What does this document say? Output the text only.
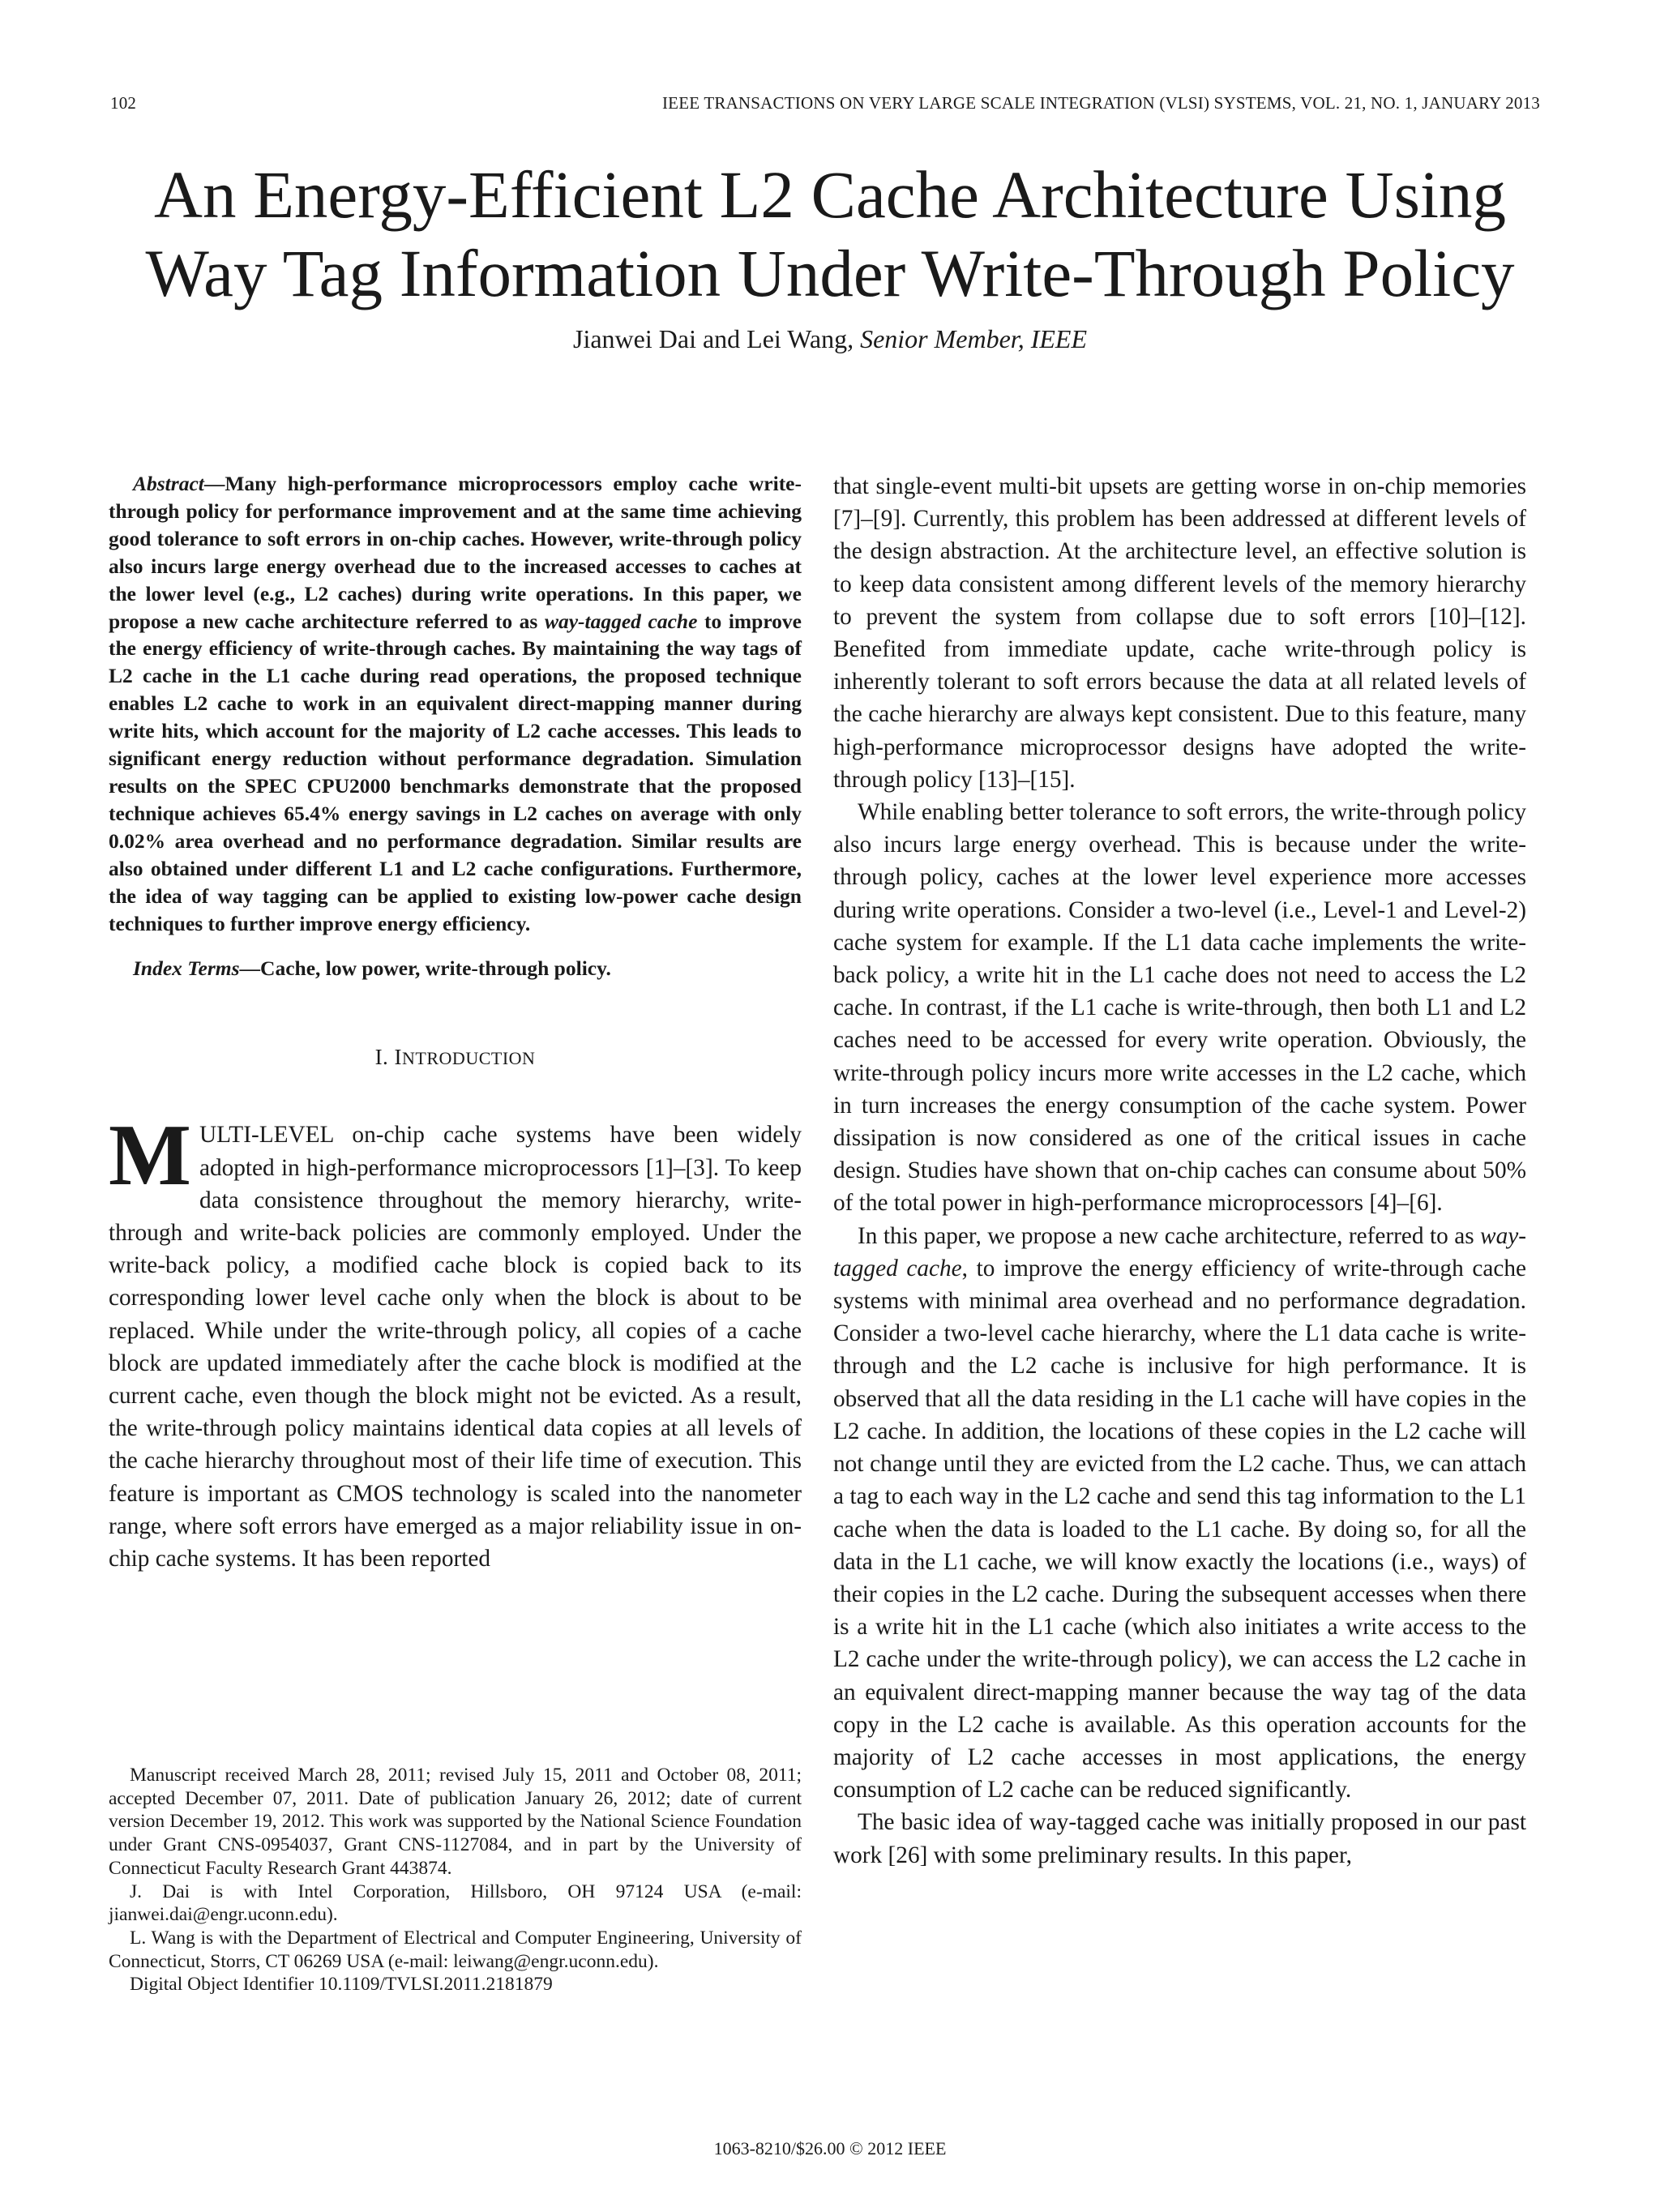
102	IEEE TRANSACTIONS ON VERY LARGE SCALE INTEGRATION (VLSI) SYSTEMS, VOL. 21, NO. 1, JANUARY 2013
An Energy-Efficient L2 Cache Architecture Using
Way Tag Information Under Write-Through Policy
Jianwei Dai and Lei Wang, Senior Member, IEEE

Abstract—Many high-performance microprocessors employ cache write-through policy for performance improvement and at the same time achieving good tolerance to soft errors in on-chip caches. However, write-through policy also incurs large energy overhead due to the increased accesses to caches at the lower level (e.g., L2 caches) during write operations. In this paper, we propose a new cache architecture referred to as way-tagged cache to improve the energy efficiency of write-through caches. By maintaining the way tags of L2 cache in the L1 cache during read operations, the proposed technique enables L2 cache to work in an equivalent direct-mapping manner during write hits, which account for the majority of L2 cache accesses. This leads to significant energy reduction without performance degradation. Simulation results on the SPEC CPU2000 benchmarks demonstrate that the proposed technique achieves 65.4% energy savings in L2 caches on average with only 0.02% area overhead and no performance degradation. Similar results are also obtained under different L1 and L2 cache configurations. Furthermore, the idea of way tagging can be applied to existing low-power cache design techniques to further improve energy efficiency.

Index Terms—Cache, low power, write-through policy.

I. INTRODUCTION

MULTI-LEVEL on-chip cache systems have been widely adopted in high-performance microprocessors [1]–[3]. To keep data consistence throughout the memory hierarchy, write-through and write-back policies are commonly employed. Under the write-back policy, a modified cache block is copied back to its corresponding lower level cache only when the block is about to be replaced. While under the write-through policy, all copies of a cache block are updated immediately after the cache block is modified at the current cache, even though the block might not be evicted. As a result, the write-through policy maintains identical data copies at all levels of the cache hierarchy throughout most of their life time of execution. This feature is important as CMOS technology is scaled into the nanometer range, where soft errors have emerged as a major reliability issue in on-chip cache systems. It has been reported

Manuscript received March 28, 2011; revised July 15, 2011 and October 08, 2011; accepted December 07, 2011. Date of publication January 26, 2012; date of current version December 19, 2012. This work was supported by the National Science Foundation under Grant CNS-0954037, Grant CNS-1127084, and in part by the University of Connecticut Faculty Research Grant 443874.

J. Dai is with Intel Corporation, Hillsboro, OH 97124 USA (e-mail: jianwei.dai@engr.uconn.edu).

L. Wang is with the Department of Electrical and Computer Engineering, University of Connecticut, Storrs, CT 06269 USA (e-mail: leiwang@engr.uconn.edu).

Digital Object Identifier 10.1109/TVLSI.2011.2181879

that single-event multi-bit upsets are getting worse in on-chip memories [7]–[9]. Currently, this problem has been addressed at different levels of the design abstraction. At the architecture level, an effective solution is to keep data consistent among different levels of the memory hierarchy to prevent the system from collapse due to soft errors [10]–[12]. Benefited from immediate update, cache write-through policy is inherently tolerant to soft errors because the data at all related levels of the cache hierarchy are always kept consistent. Due to this feature, many high-performance microprocessor designs have adopted the write-through policy [13]–[15].

While enabling better tolerance to soft errors, the write-through policy also incurs large energy overhead. This is because under the write-through policy, caches at the lower level experience more accesses during write operations. Consider a two-level (i.e., Level-1 and Level-2) cache system for example. If the L1 data cache implements the write-back policy, a write hit in the L1 cache does not need to access the L2 cache. In contrast, if the L1 cache is write-through, then both L1 and L2 caches need to be accessed for every write operation. Obviously, the write-through policy incurs more write accesses in the L2 cache, which in turn increases the energy consumption of the cache system. Power dissipation is now considered as one of the critical issues in cache design. Studies have shown that on-chip caches can consume about 50% of the total power in high-performance microprocessors [4]–[6].

In this paper, we propose a new cache architecture, referred to as way-tagged cache, to improve the energy efficiency of write-through cache systems with minimal area overhead and no performance degradation. Consider a two-level cache hierarchy, where the L1 data cache is write-through and the L2 cache is inclusive for high performance. It is observed that all the data residing in the L1 cache will have copies in the L2 cache. In addition, the locations of these copies in the L2 cache will not change until they are evicted from the L2 cache. Thus, we can attach a tag to each way in the L2 cache and send this tag information to the L1 cache when the data is loaded to the L1 cache. By doing so, for all the data in the L1 cache, we will know exactly the locations (i.e., ways) of their copies in the L2 cache. During the subsequent accesses when there is a write hit in the L1 cache (which also initiates a write access to the L2 cache under the write-through policy), we can access the L2 cache in an equivalent direct-mapping manner because the way tag of the data copy in the L2 cache is available. As this operation accounts for the majority of L2 cache accesses in most applications, the energy consumption of L2 cache can be reduced significantly.

The basic idea of way-tagged cache was initially proposed in our past work [26] with some preliminary results. In this paper,

1063-8210/$26.00 © 2012 IEEE
